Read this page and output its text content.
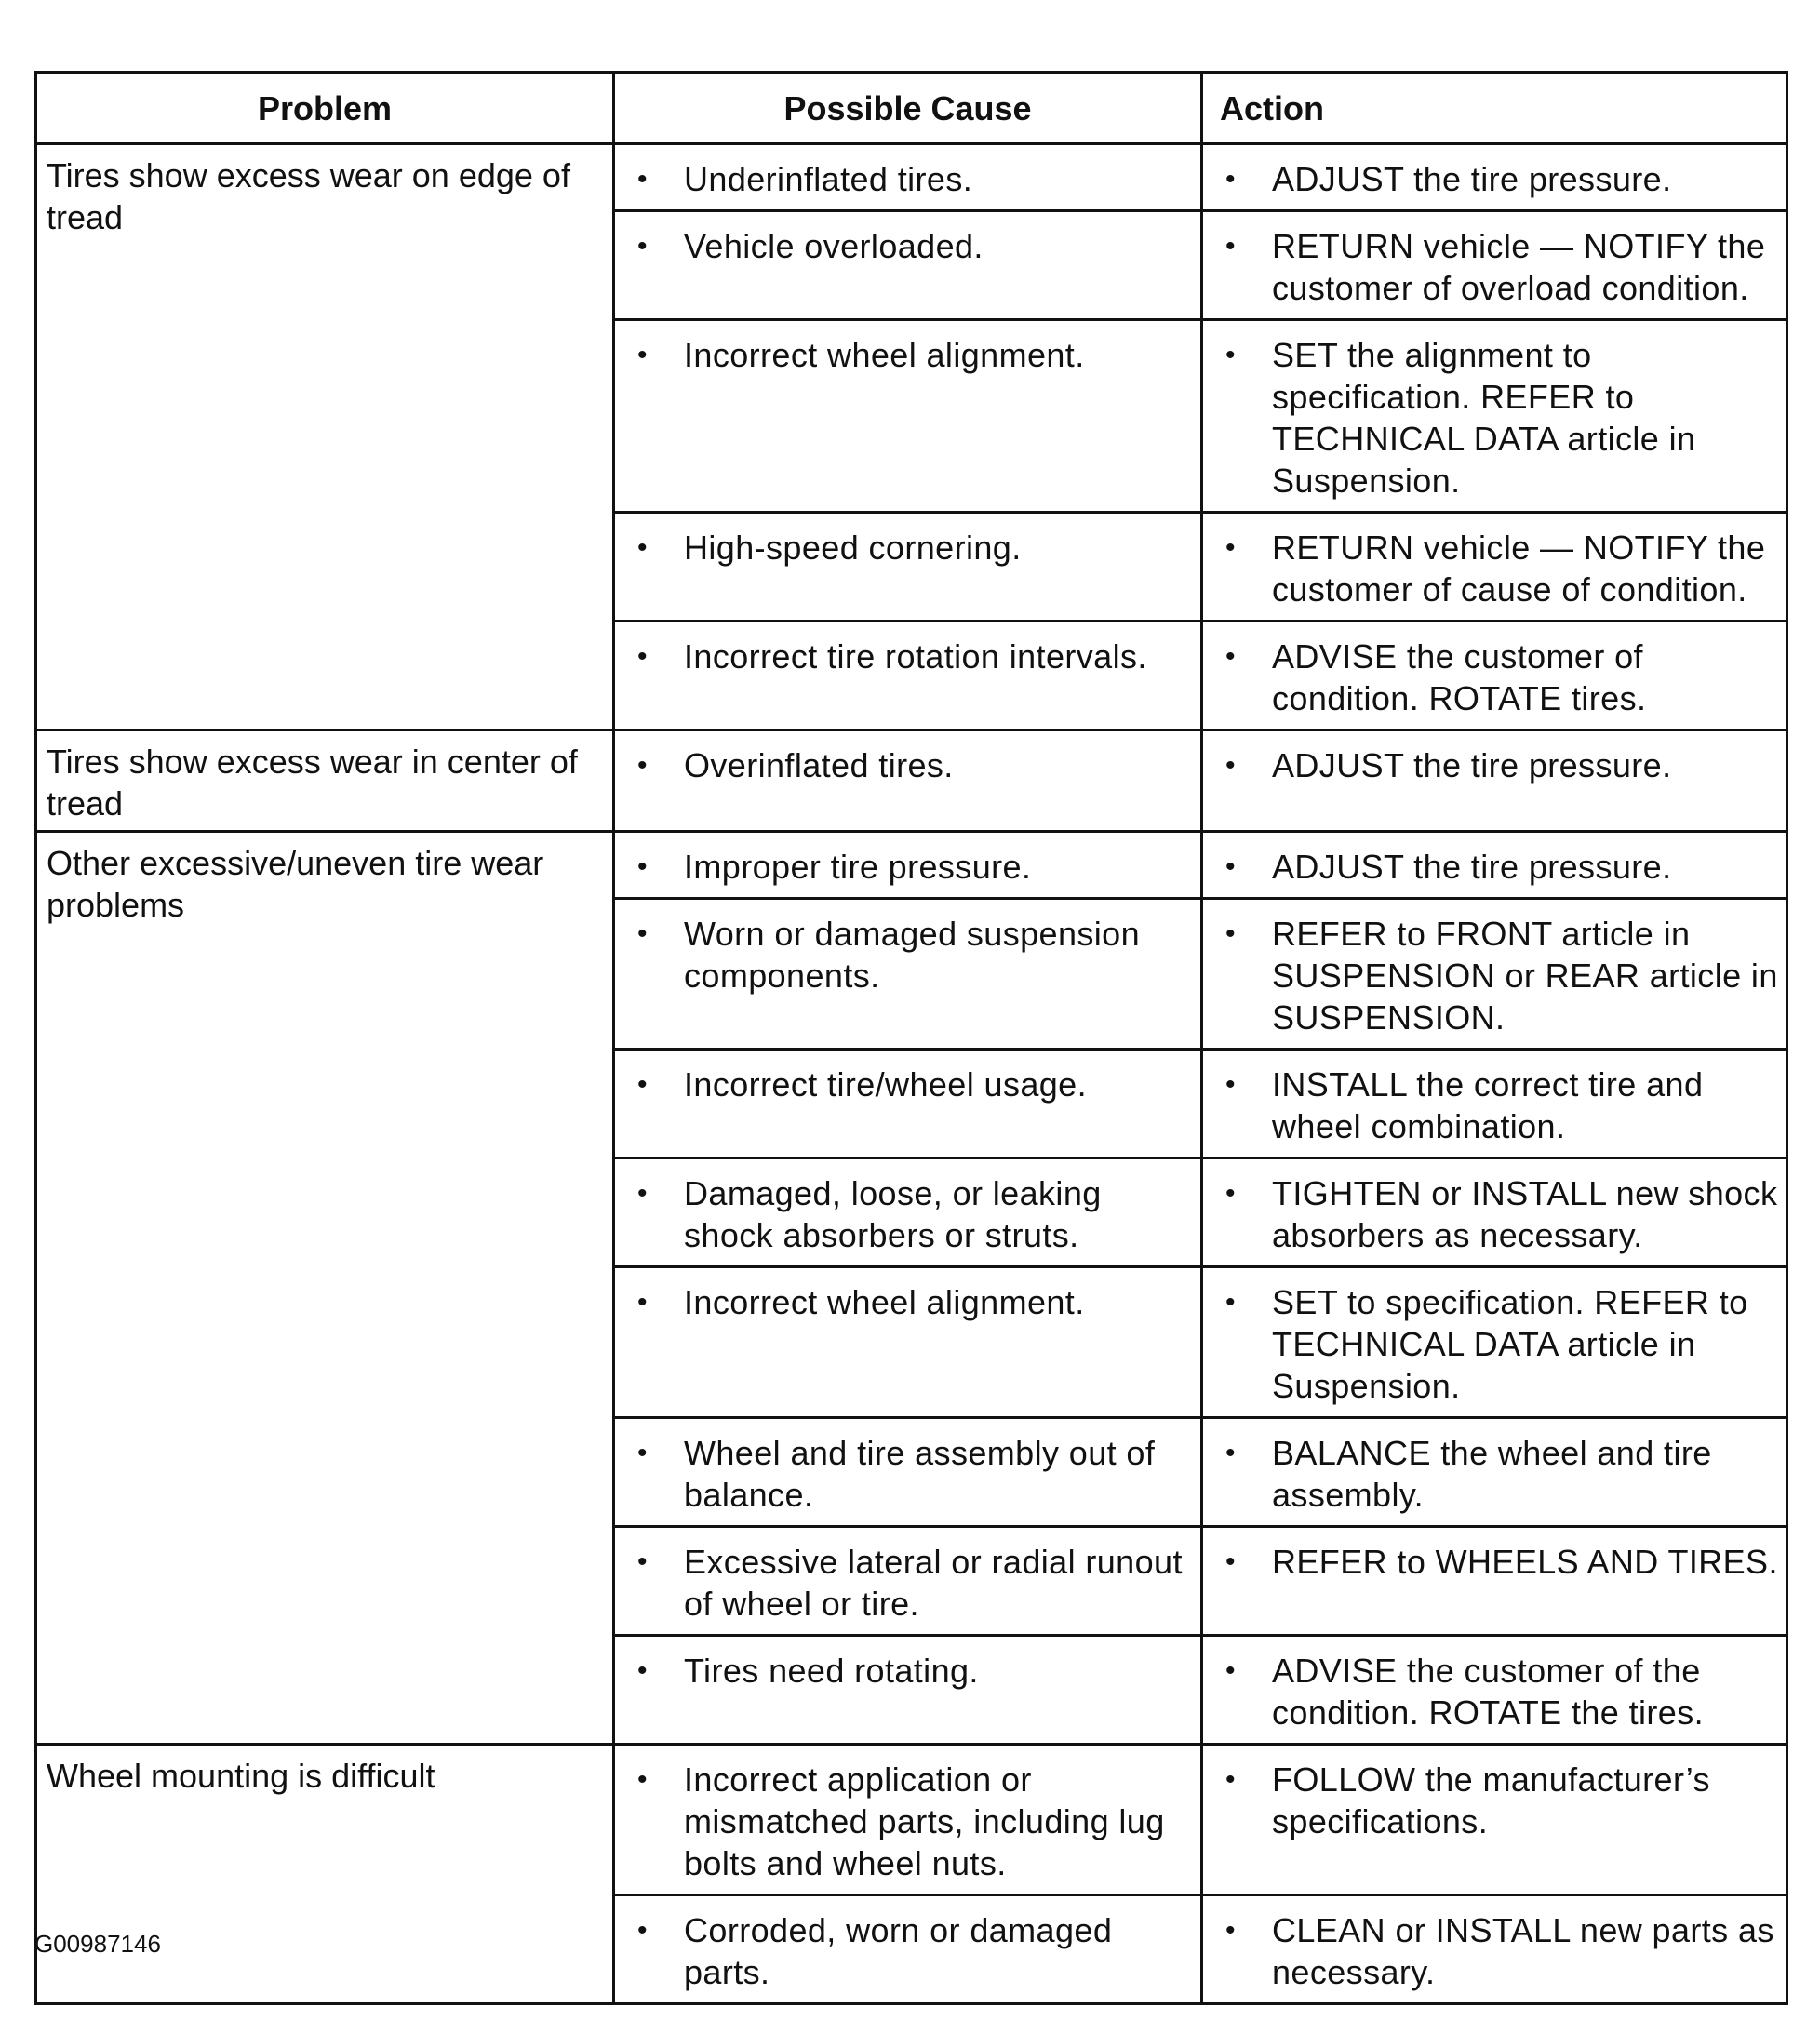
Problem	Possible Cause	Action
Tires show excess wear on edge of tread	• Underinflated tires.	• ADJUST the tire pressure.

	• Vehicle overloaded.	• RETURN vehicle — NOTIFY the customer of overload condition.

	• Incorrect wheel alignment.	• SET the alignment to specification. REFER to TECHNICAL DATA article in Suspension.

	• High-speed cornering.	• RETURN vehicle — NOTIFY the customer of cause of condition.

	• Incorrect tire rotation intervals.	• ADVISE the customer of condition. ROTATE tires.

Tires show excess wear in center of tread	• Overinflated tires.	• ADJUST the tire pressure.

Other excessive/uneven tire wear problems	• Improper tire pressure.	• ADJUST the tire pressure.

	• Worn or damaged suspension components.	• REFER to FRONT article in SUSPENSION or REAR article in SUSPENSION.

	• Incorrect tire/wheel usage.	• INSTALL the correct tire and wheel combination.

	• Damaged, loose, or leaking shock absorbers or struts.	• TIGHTEN or INSTALL new shock absorbers as necessary.

	• Incorrect wheel alignment.	• SET to specification. REFER to TECHNICAL DATA article in Suspension.

	• Wheel and tire assembly out of balance.	• BALANCE the wheel and tire assembly.

	• Excessive lateral or radial runout of wheel or tire.	• REFER to WHEELS AND TIRES.

	• Tires need rotating.	• ADVISE the customer of the condition. ROTATE the tires.

Wheel mounting is difficult	• Incorrect application or mismatched parts, including lug bolts and wheel nuts.	• FOLLOW the manufacturer’s specifications.

	• Corroded, worn or damaged parts.	• CLEAN or INSTALL new parts as necessary.
G00987146
